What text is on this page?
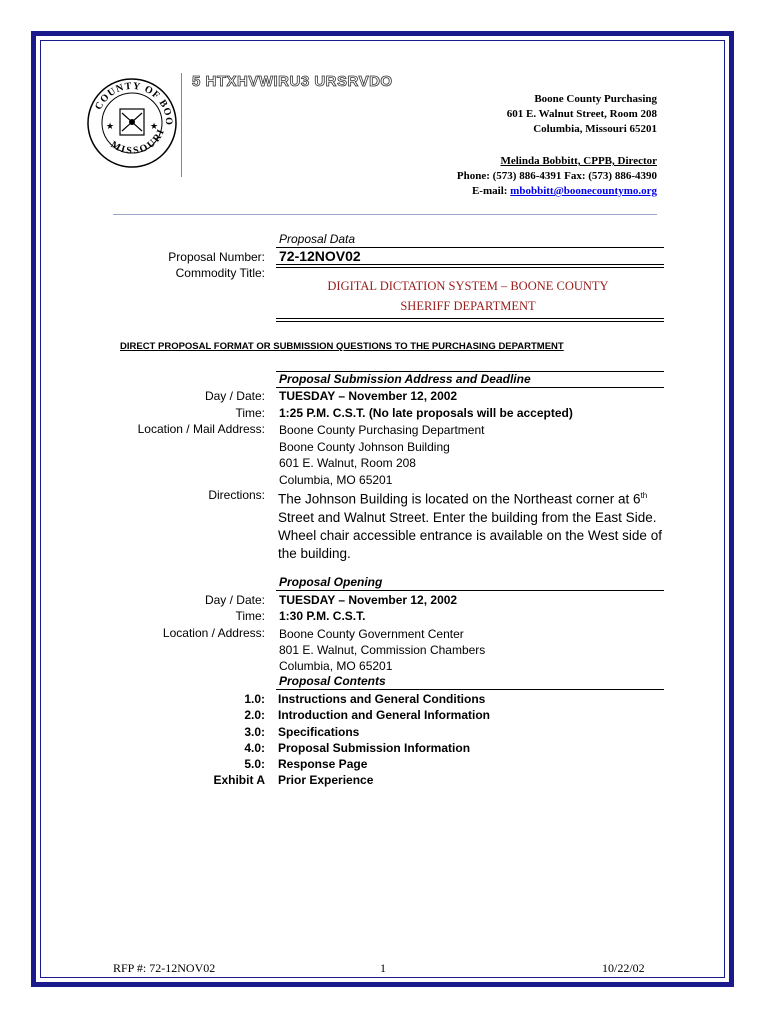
COUNTY OF BOO
MISSOURI
★	★
5 HTXHVWIRU3 URSRVDO
Boone County Purchasing
601 E. Walnut Street, Room 208
Columbia, Missouri 65201
Melinda Bobbitt, CPPB, Director
Phone: (573) 886-4391 Fax: (573) 886-4390
E-mail: mbobbitt@boonecountymo.org
Proposal Data
Proposal Number: 72-12NOV02
Commodity Title:
DIGITAL DICTATION SYSTEM – BOONE COUNTY
SHERIFF DEPARTMENT
DIRECT PROPOSAL FORMAT OR SUBMISSION QUESTIONS TO THE PURCHASING DEPARTMENT
Proposal Submission Address and Deadline
Day / Date: TUESDAY – November 12, 2002
Time: 1:25 P.M. C.S.T. (No late proposals will be accepted)
Location / Mail Address: Boone County Purchasing Department
Boone County Johnson Building
601 E. Walnut, Room 208
Columbia, MO 65201
Directions: The Johnson Building is located on the Northeast corner at 6th Street and Walnut Street. Enter the building from the East Side. Wheel chair accessible entrance is available on the West side of the building.
Proposal Opening
Day / Date: TUESDAY – November 12, 2002
Time: 1:30 P.M. C.S.T.
Location / Address: Boone County Government Center
801 E. Walnut, Commission Chambers
Columbia, MO 65201
Proposal Contents
1.0: Instructions and General Conditions
2.0: Introduction and General Information
3.0: Specifications
4.0: Proposal Submission Information
5.0: Response Page
Exhibit A Prior Experience
RFP #: 72-12NOV02	1	10/22/02
